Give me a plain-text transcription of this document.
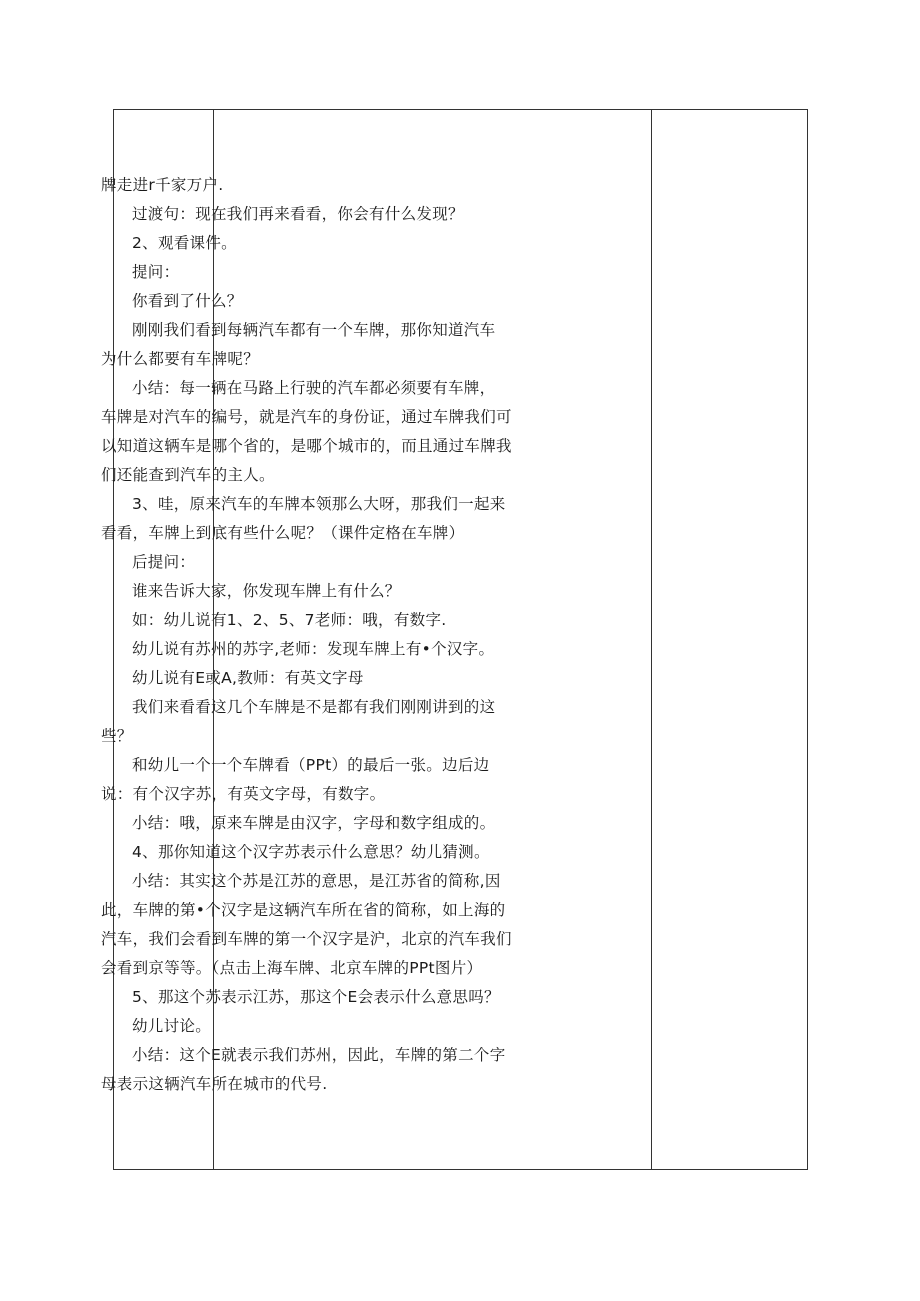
牌走进r千家万户.

过渡句：现在我们再来看看，你会有什么发现？

2、观看课件。

提问：

你看到了什么？

刚刚我们看到每辆汽车都有一个车牌，那你知道汽车

为什么都要有车牌呢？

小结：每一辆在马路上行驶的汽车都必须要有车牌，

车牌是对汽车的编号，就是汽车的身份证，通过车牌我们可

以知道这辆车是哪个省的，是哪个城市的，而且通过车牌我

们还能查到汽车的主人。

3、哇，原来汽车的车牌本领那么大呀，那我们一起来

看看，车牌上到底有些什么呢？（课件定格在车牌）

后提问：

谁来告诉大家，你发现车牌上有什么？

如：幼儿说有1、2、5、7老师：哦，有数字.

幼儿说有苏州的苏字,老师：发现车牌上有•个汉字。

幼儿说有E或A,教师：有英文字母

我们来看看这几个车牌是不是都有我们刚刚讲到的这

些？

和幼儿一个一个车牌看（PPt）的最后一张。边后边

说：有个汉字苏，有英文字母，有数字。

小结：哦，原来车牌是由汉字，字母和数字组成的。

4、那你知道这个汉字苏表示什么意思？幼儿猜测。

小结：其实这个苏是江苏的意思，是江苏省的简称,因

此，车牌的第•个汉字是这辆汽车所在省的简称，如上海的

汽车，我们会看到车牌的第一个汉字是沪，北京的汽车我们

会看到京等等。（点击上海车牌、北京车牌的PPt图片）

5、那这个苏表示江苏，那这个E会表示什么意思吗？

幼儿讨论。

小结：这个E就表示我们苏州，因此，车牌的第二个字

母表示这辆汽车所在城市的代号.
